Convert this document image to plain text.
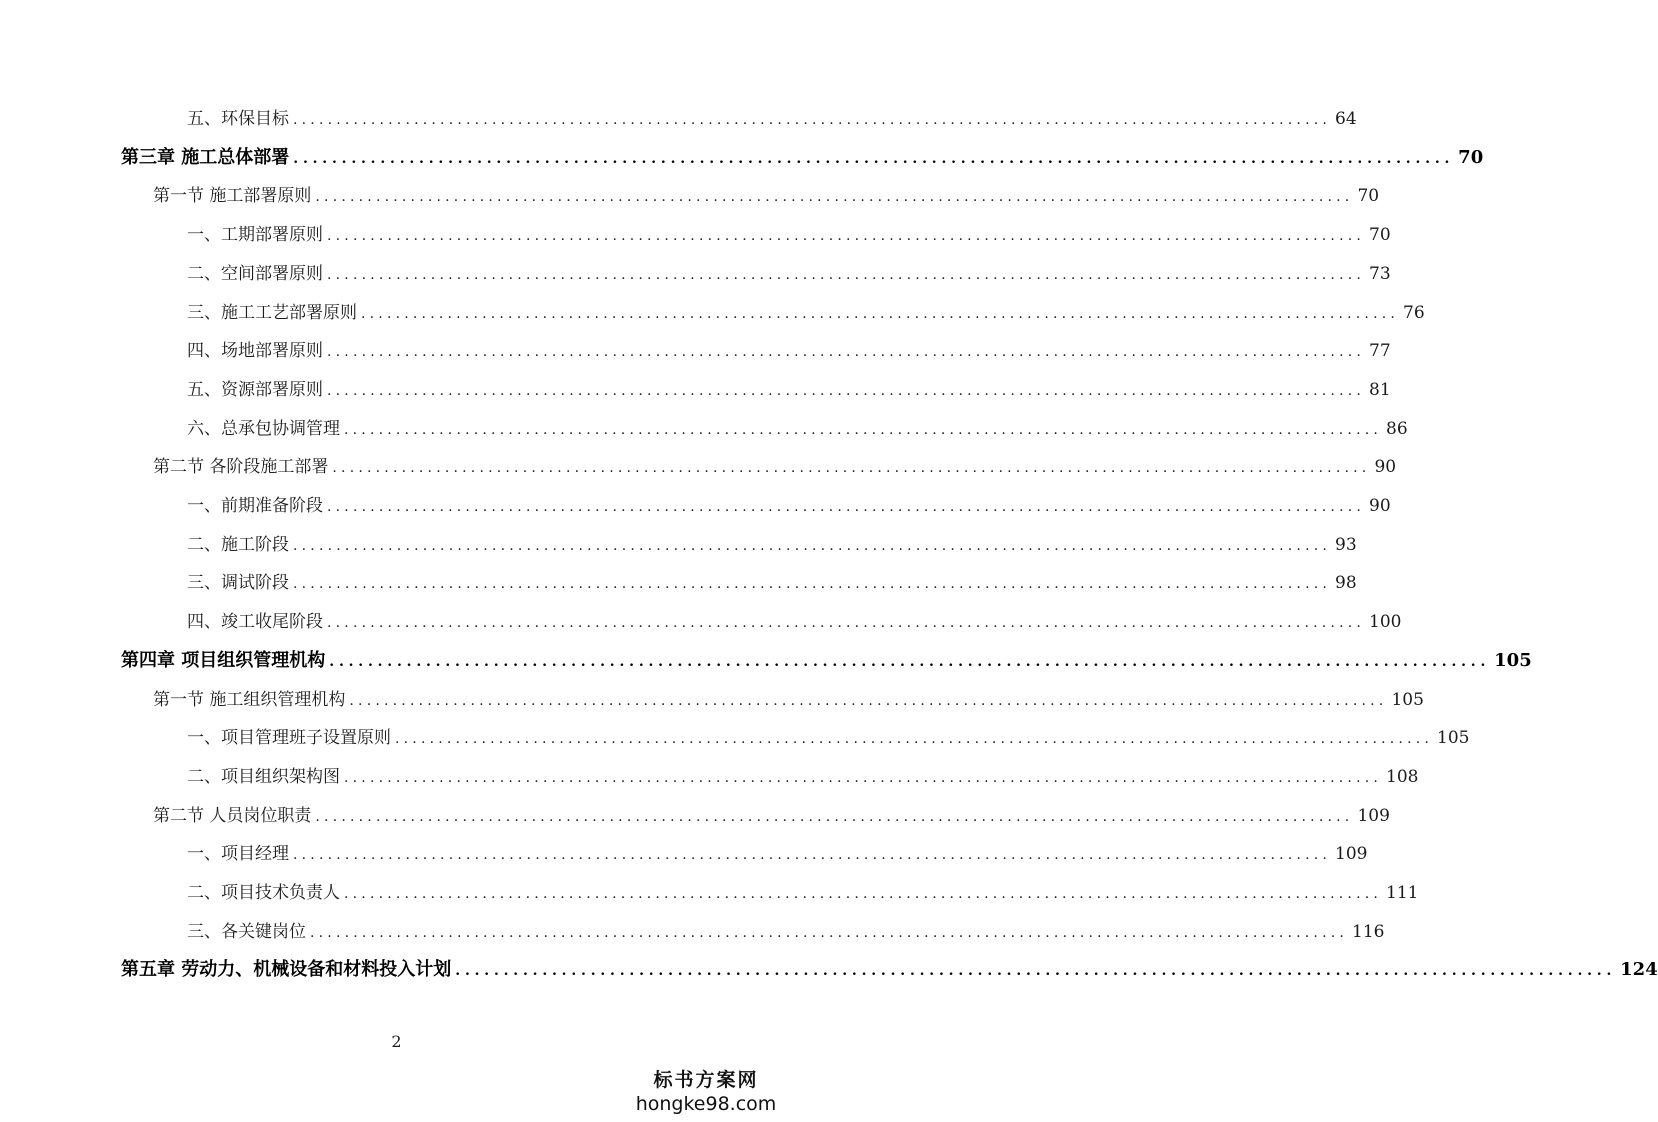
五、环保目标 ........................................................................................................................ 64
第三章 施工总体部署 ........................................................................................................................ 70
第一节 施工部署原则 ........................................................................................................................ 70
一、工期部署原则 ........................................................................................................................ 70
二、空间部署原则 ........................................................................................................................ 73
三、施工工艺部署原则 ........................................................................................................................ 76
四、场地部署原则 ........................................................................................................................ 77
五、资源部署原则 ........................................................................................................................ 81
六、总承包协调管理 ........................................................................................................................ 86
第二节 各阶段施工部署 ........................................................................................................................ 90
一、前期准备阶段 ........................................................................................................................ 90
二、施工阶段 ........................................................................................................................ 93
三、调试阶段 ........................................................................................................................ 98
四、竣工收尾阶段 ........................................................................................................................ 100
第四章 项目组织管理机构 ........................................................................................................................ 105
第一节 施工组织管理机构 ........................................................................................................................ 105
一、项目管理班子设置原则 ........................................................................................................................ 105
二、项目组织架构图 ........................................................................................................................ 108
第二节 人员岗位职责 ........................................................................................................................ 109
一、项目经理 ........................................................................................................................ 109
二、项目技术负责人 ........................................................................................................................ 111
三、各关键岗位 ........................................................................................................................ 116
第五章 劳动力、机械设备和材料投入计划 ........................................................................................................................ 124
2
标书方案网
hongke98.com
